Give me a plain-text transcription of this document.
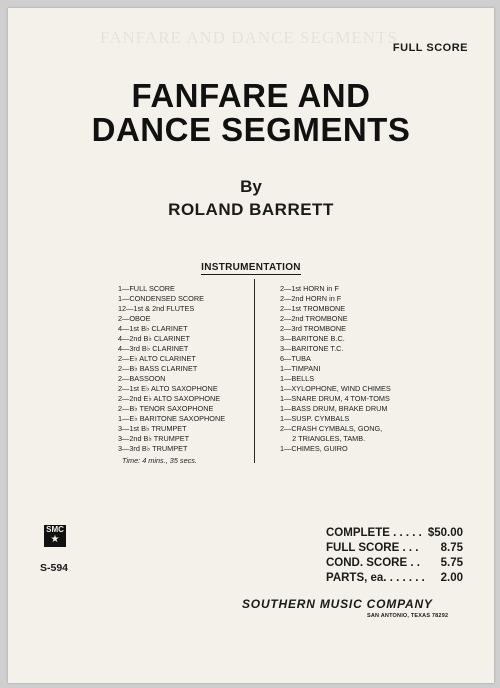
FANFARE AND DANCE SEGMENTS
FULL SCORE
FANFARE AND
DANCE SEGMENTS
By
ROLAND BARRETT
INSTRUMENTATION
1—FULL SCORE
1—CONDENSED SCORE
12—1st & 2nd FLUTES
2—OBOE
4—1st B♭ CLARINET
4—2nd B♭ CLARINET
4—3rd B♭ CLARINET
2—E♭ ALTO CLARINET
2—B♭ BASS CLARINET
2—BASSOON
2—1st E♭ ALTO SAXOPHONE
2—2nd E♭ ALTO SAXOPHONE
2—B♭ TENOR SAXOPHONE
1—E♭ BARITONE SAXOPHONE
3—1st B♭ TRUMPET
3—2nd B♭ TRUMPET
3—3rd B♭ TRUMPET
2—1st HORN in F
2—2nd HORN in F
2—1st TROMBONE
2—2nd TROMBONE
2—3rd TROMBONE
3—BARITONE B.C.
3—BARITONE T.C.
6—TUBA
1—TIMPANI
1—BELLS
1—XYLOPHONE, WIND CHIMES
1—SNARE DRUM, 4 TOM-TOMS
1—BASS DRUM, BRAKE DRUM
1—SUSP. CYMBALS
2—CRASH CYMBALS, GONG,
2 TRIANGLES, TAMB.
1—CHIMES, GUIRO
Time: 4 mins., 35 secs.
SMC
★
S-594
COMPLETE . . . . . $50.00
FULL SCORE . . . 8.75
COND. SCORE . . 5.75
PARTS, ea. . . . . . . 2.00
SOUTHERN MUSIC COMPANY
SAN ANTONIO, TEXAS 78292
